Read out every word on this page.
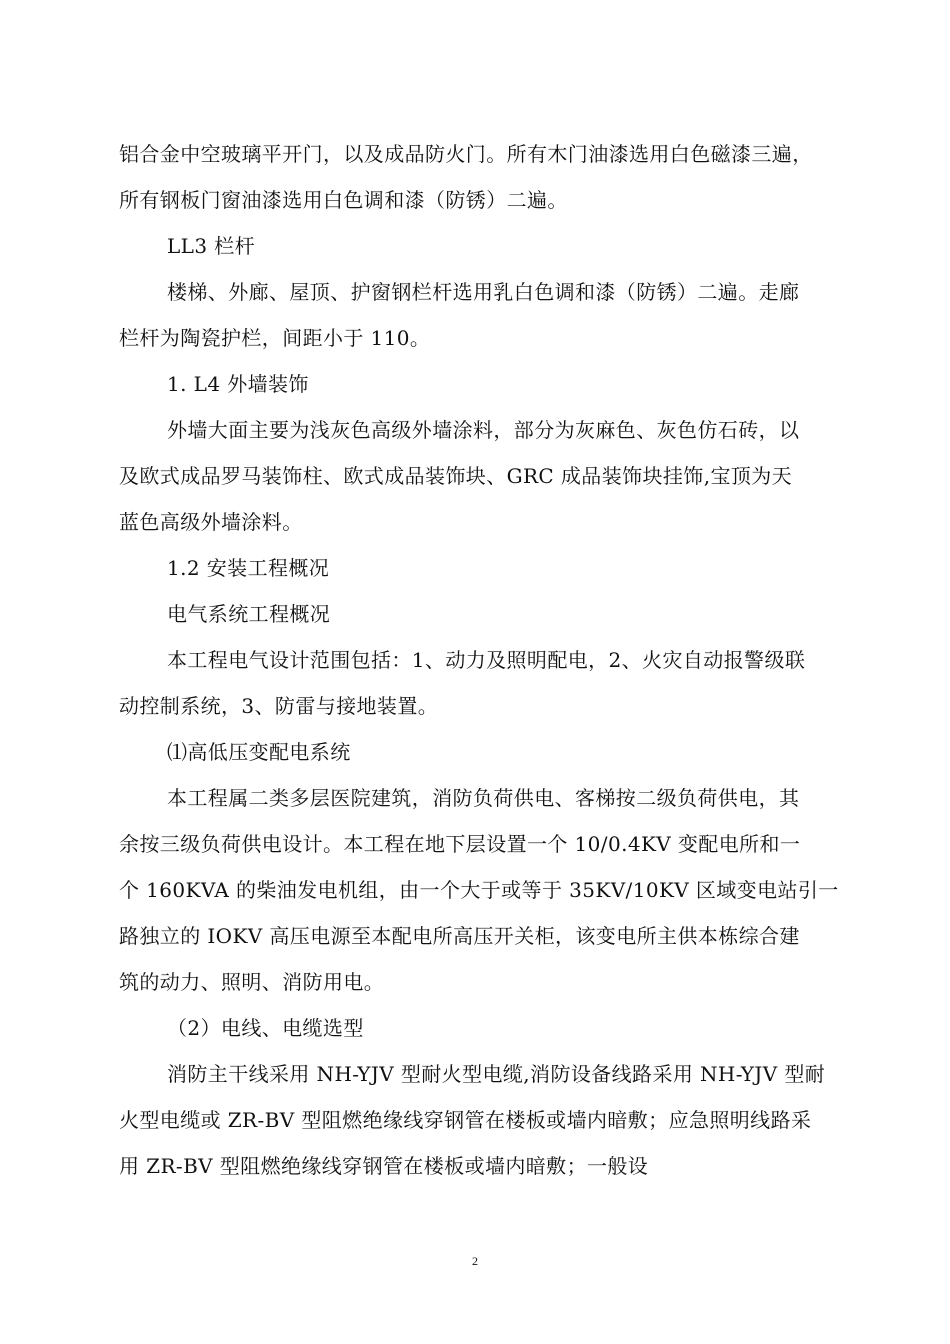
铝合金中空玻璃平开门，以及成品防火门。所有木门油漆选用白色磁漆三遍，
所有钢板门窗油漆选用白色调和漆（防锈）二遍。
LL3 栏杆
楼梯、外廊、屋顶、护窗钢栏杆选用乳白色调和漆（防锈）二遍。走廊
栏杆为陶瓷护栏，间距小于 110。
1. L4 外墙装饰
外墙大面主要为浅灰色高级外墙涂料，部分为灰麻色、灰色仿石砖，以
及欧式成品罗马装饰柱、欧式成品装饰块、GRC 成品装饰块挂饰,宝顶为天
蓝色高级外墙涂料。
1.2 安装工程概况
电气系统工程概况
本工程电气设计范围包括：1、动力及照明配电，2、火灾自动报警级联
动控制系统，3、防雷与接地装置。
⑴高低压变配电系统
本工程属二类多层医院建筑，消防负荷供电、客梯按二级负荷供电，其
余按三级负荷供电设计。本工程在地下层设置一个 10/0.4KV 变配电所和一
个 160KVA 的柴油发电机组，由一个大于或等于 35KV/10KV 区域变电站引一
路独立的 IOKV 高压电源至本配电所高压开关柜，该变电所主供本栋综合建
筑的动力、照明、消防用电。
（2）电线、电缆选型
消防主干线采用 NH-YJV 型耐火型电缆,消防设备线路采用 NH-YJV 型耐
火型电缆或 ZR-BV 型阻燃绝缘线穿钢管在楼板或墙内暗敷；应急照明线路采
用 ZR-BV 型阻燃绝缘线穿钢管在楼板或墙内暗敷；一般设
2
